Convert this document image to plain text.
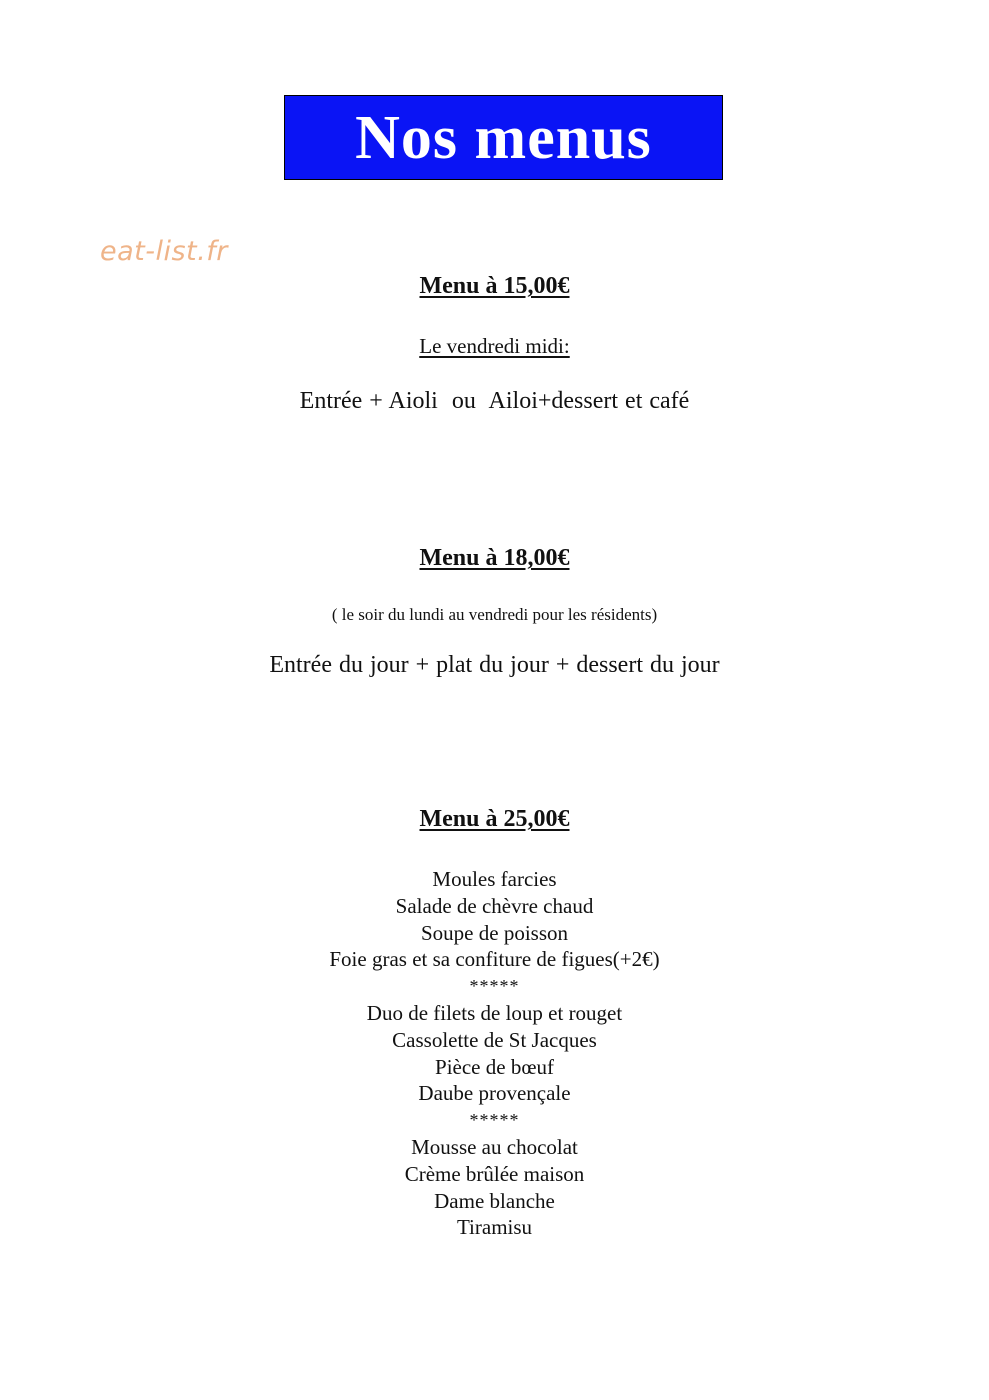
Nos menus
eat-list.fr
Menu à 15,00€
Le vendredi midi:
Entrée + Aioli  ou  Ailoi+dessert et café
Menu à 18,00€
( le soir du lundi au vendredi pour les résidents)
Entrée du jour + plat du jour + dessert du jour
Menu à 25,00€
Moules farcies
Salade de chèvre chaud
Soupe de poisson
Foie gras et sa confiture de figues(+2€)
*****
Duo de filets de loup et rouget
Cassolette de St Jacques
Pièce de bœuf
Daube provençale
*****
Mousse au chocolat
Crème brûlée maison
Dame blanche
Tiramisu
